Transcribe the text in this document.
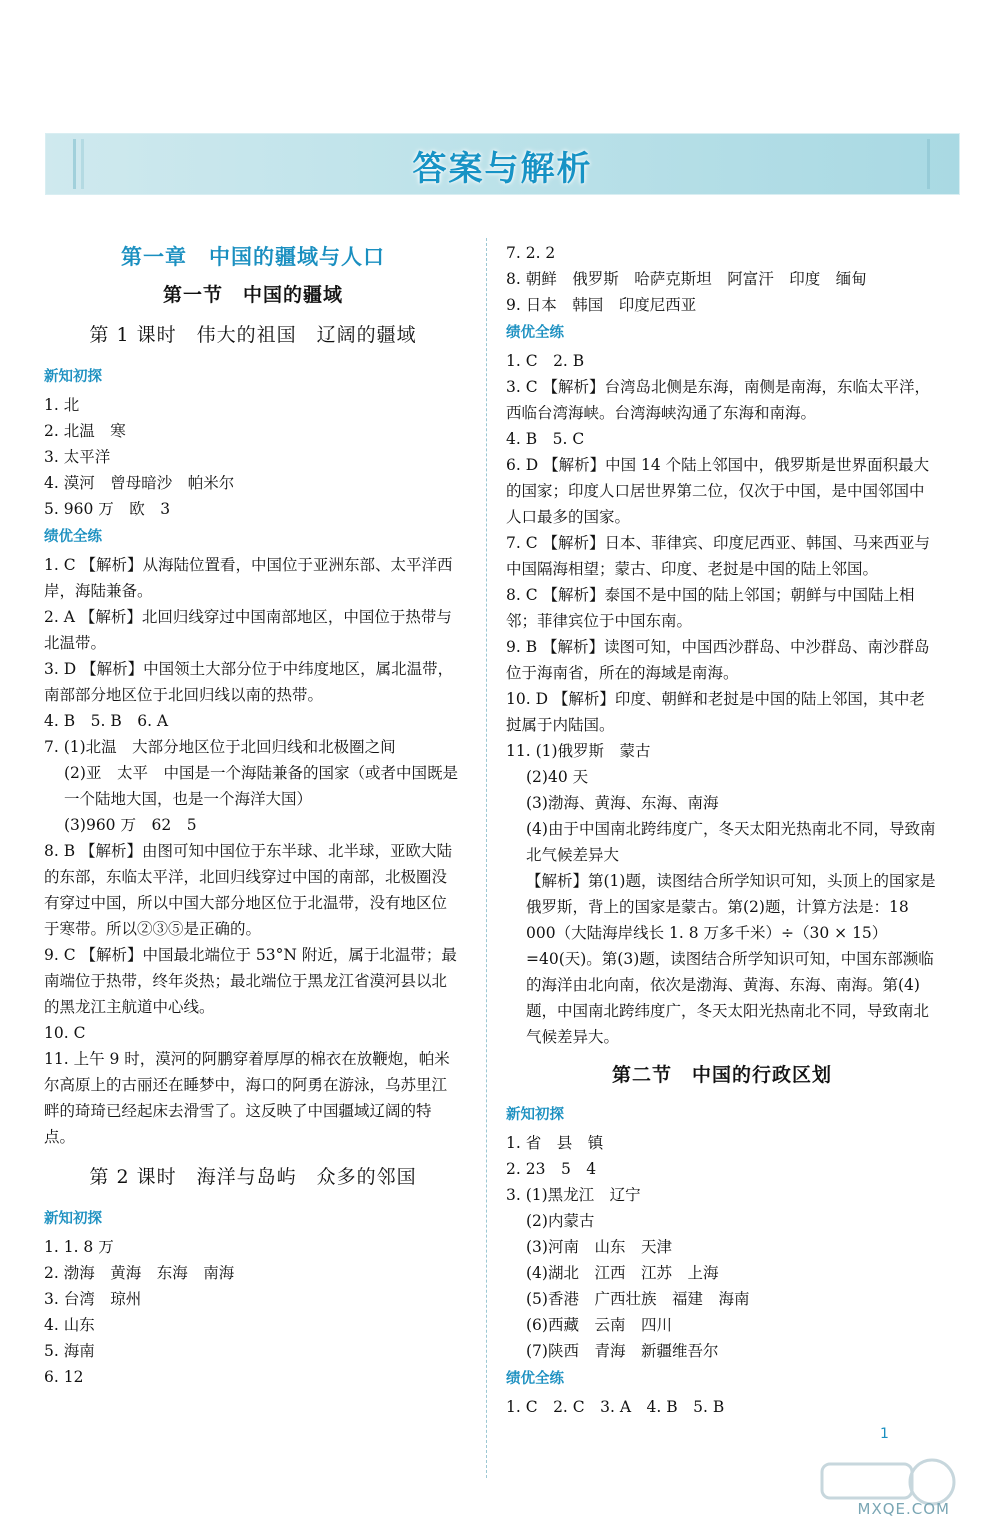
答案与解析
第一章　中国的疆域与人口
第一节　中国的疆域
第 1 课时　伟大的祖国　辽阔的疆域
新知初探

1. 北

2. 北温　寒

3. 太平洋

4. 漠河　曾母暗沙　帕米尔

5. 960 万　欧　3

绩优全练

1. C 【解析】从海陆位置看，中国位于亚洲东部、太平洋西岸，海陆兼备。

2. A 【解析】北回归线穿过中国南部地区，中国位于热带与北温带。

3. D 【解析】中国领土大部分位于中纬度地区，属北温带，南部部分地区位于北回归线以南的热带。

4. B　5. B　6. A

7. (1)北温　大部分地区位于北回归线和北极圈之间

(2)亚　太平　中国是一个海陆兼备的国家（或者中国既是一个陆地大国，也是一个海洋大国）

(3)960 万　62　5

8. B 【解析】由图可知中国位于东半球、北半球，亚欧大陆的东部，东临太平洋，北回归线穿过中国的南部，北极圈没有穿过中国，所以中国大部分地区位于北温带，没有地区位于寒带。所以②③⑤是正确的。

9. C 【解析】中国最北端位于 53°N 附近，属于北温带；最南端位于热带，终年炎热；最北端位于黑龙江省漠河县以北的黑龙江主航道中心线。

10. C

11. 上午 9 时，漠河的阿鹏穿着厚厚的棉衣在放鞭炮，帕米尔高原上的古丽还在睡梦中，海口的阿勇在游泳，乌苏里江畔的琦琦已经起床去滑雪了。这反映了中国疆域辽阔的特点。

第 2 课时　海洋与岛屿　众多的邻国
新知初探

1. 1. 8 万

2. 渤海　黄海　东海　南海

3. 台湾　琼州

4. 山东

5. 海南

6. 12

7. 2. 2

8. 朝鲜　俄罗斯　哈萨克斯坦　阿富汗　印度　缅甸

9. 日本　韩国　印度尼西亚

绩优全练

1. C　2. B

3. C 【解析】台湾岛北侧是东海，南侧是南海，东临太平洋，西临台湾海峡。台湾海峡沟通了东海和南海。

4. B　5. C

6. D 【解析】中国 14 个陆上邻国中，俄罗斯是世界面积最大的国家；印度人口居世界第二位，仅次于中国，是中国邻国中人口最多的国家。

7. C 【解析】日本、菲律宾、印度尼西亚、韩国、马来西亚与中国隔海相望；蒙古、印度、老挝是中国的陆上邻国。

8. C 【解析】泰国不是中国的陆上邻国；朝鲜与中国陆上相邻；菲律宾位于中国东南。

9. B 【解析】读图可知，中国西沙群岛、中沙群岛、南沙群岛位于海南省，所在的海域是南海。

10. D 【解析】印度、朝鲜和老挝是中国的陆上邻国，其中老挝属于内陆国。

11. (1)俄罗斯　蒙古

(2)40 天

(3)渤海、黄海、东海、南海

(4)由于中国南北跨纬度广，冬天太阳光热南北不同，导致南北气候差异大

【解析】第(1)题，读图结合所学知识可知，头顶上的国家是俄罗斯，背上的国家是蒙古。第(2)题，计算方法是：18 000（大陆海岸线长 1. 8 万多千米）÷（30 × 15）=40(天)。第(3)题，读图结合所学知识可知，中国东部濒临的海洋由北向南，依次是渤海、黄海、东海、南海。第(4)题，中国南北跨纬度广，冬天太阳光热南北不同，导致南北气候差异大。

第二节　中国的行政区划
新知初探

1. 省　县　镇

2. 23　5　4

3. (1)黑龙江　辽宁

(2)内蒙古

(3)河南　山东　天津

(4)湖北　江西　江苏　上海

(5)香港　广西壮族　福建　海南

(6)西藏　云南　四川

(7)陕西　青海　新疆维吾尔

绩优全练

1. C　2. C　3. A　4. B　5. B

1
MXQE.COM
